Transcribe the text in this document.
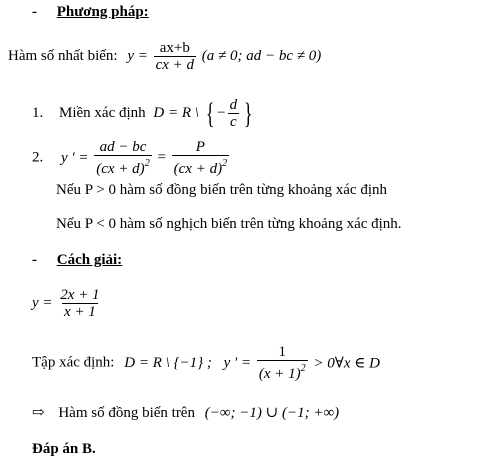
- Phương pháp:
Hàm số nhất biến: $y = \frac{ax+b}{cx + d} (a \ne 0$; ad − bc ≠ 0)
1. Miền xác định D = R \ { − $\frac{d}{c}$ }
2. y ' = $\frac{ad - bc}{(cx + d)^2} = \frac{P}{(cx + d)^2}$
Nếu P > 0 hàm số đồng biến trên từng khoảng xác định
Nếu P < 0 hàm số nghịch biến trên từng khoảng xác định.
- Cách giải:
$y = \frac{2x + 1}{x + 1}$
Tập xác định: D = R \ {−1} ; y ' = $\frac{1}{(x + 1)^2}$ > 0∀x ∈ D
⇨ Hàm số đồng biến trên (−∞; −1) ∪ (−1; +∞)
Đáp án B.
